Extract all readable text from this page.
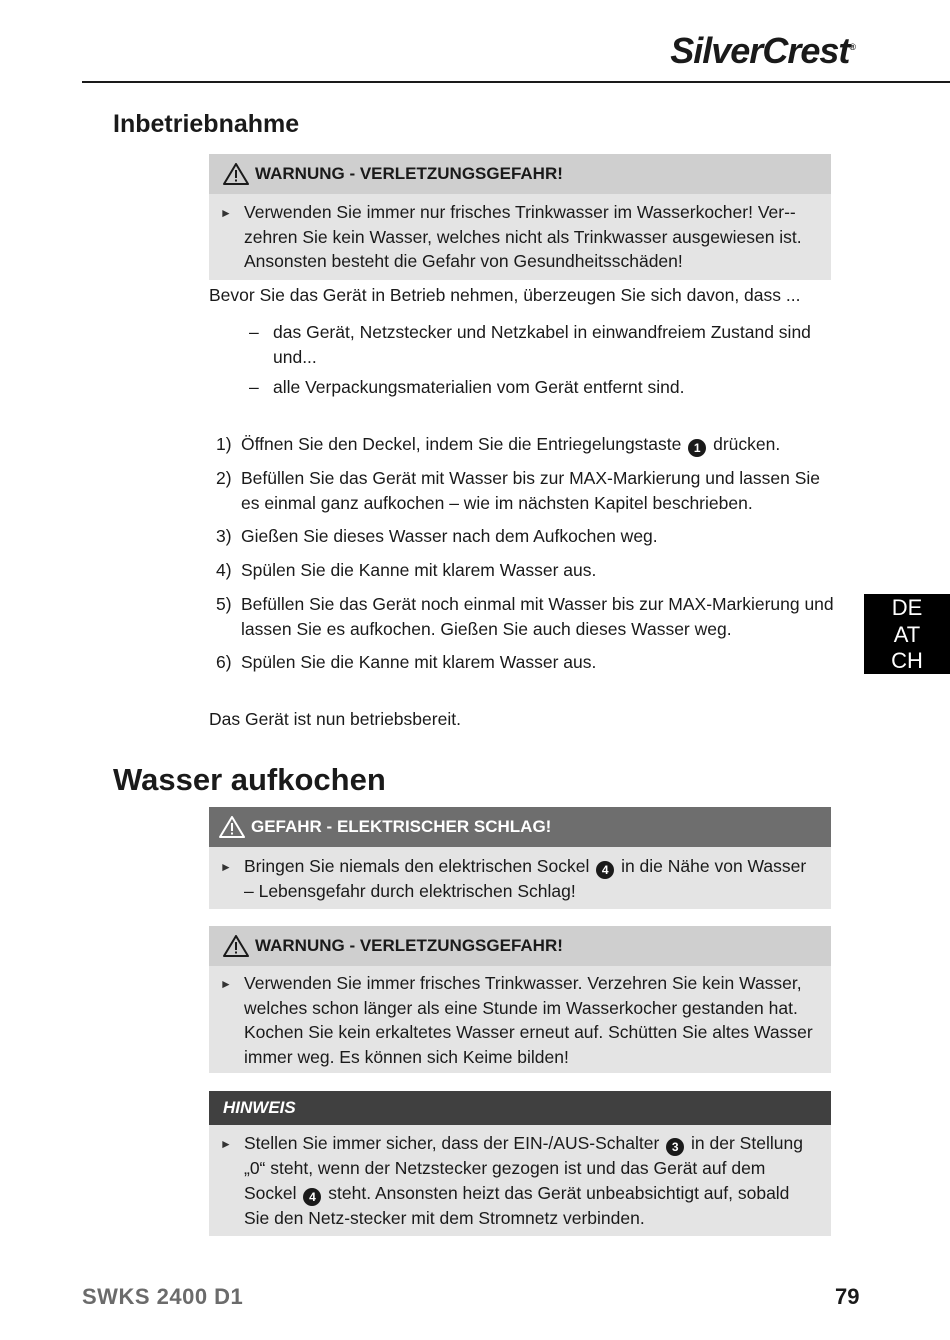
SilverCrest®
Inbetriebnahme
WARNUNG - VERLETZUNGSGEFAHR!
► Verwenden Sie immer nur frisches Trinkwasser im Wasserkocher! Ver-zehren Sie kein Wasser, welches nicht als Trinkwasser ausgewiesen ist. Ansonsten besteht die Gefahr von Gesundheitsschäden!
Bevor Sie das Gerät in Betrieb nehmen, überzeugen Sie sich davon, dass ...
– das Gerät, Netzstecker und Netzkabel in einwandfreiem Zustand sind
und...
– alle Verpackungsmaterialien vom Gerät entfernt sind.
1) Öffnen Sie den Deckel, indem Sie die Entriegelungstaste 1 drücken.
2) Befüllen Sie das Gerät mit Wasser bis zur MAX-Markierung und lassen Sie es einmal ganz aufkochen – wie im nächsten Kapitel beschrieben.
3) Gießen Sie dieses Wasser nach dem Aufkochen weg.
4) Spülen Sie die Kanne mit klarem Wasser aus.
5) Befüllen Sie das Gerät noch einmal mit Wasser bis zur MAX-Markierung und lassen Sie es aufkochen. Gießen Sie auch dieses Wasser weg.
6) Spülen Sie die Kanne mit klarem Wasser aus.
Das Gerät ist nun betriebsbereit.
DE
AT
CH
Wasser aufkochen
GEFAHR - ELEKTRISCHER SCHLAG!
► Bringen Sie niemals den elektrischen Sockel 4 in die Nähe von Wasser – Lebensgefahr durch elektrischen Schlag!
WARNUNG - VERLETZUNGSGEFAHR!
► Verwenden Sie immer frisches Trinkwasser. Verzehren Sie kein Wasser, welches schon länger als eine Stunde im Wasserkocher gestanden hat. Kochen Sie kein erkaltetes Wasser erneut auf. Schütten Sie altes Wasser immer weg. Es können sich Keime bilden!
HINWEIS
► Stellen Sie immer sicher, dass der EIN-/AUS-Schalter 3 in der Stellung „0“ steht, wenn der Netzstecker gezogen ist und das Gerät auf dem Sockel 4 steht. Ansonsten heizt das Gerät unbeabsichtigt auf, sobald Sie den Netz-stecker mit dem Stromnetz verbinden.
SWKS 2400 D1	79
